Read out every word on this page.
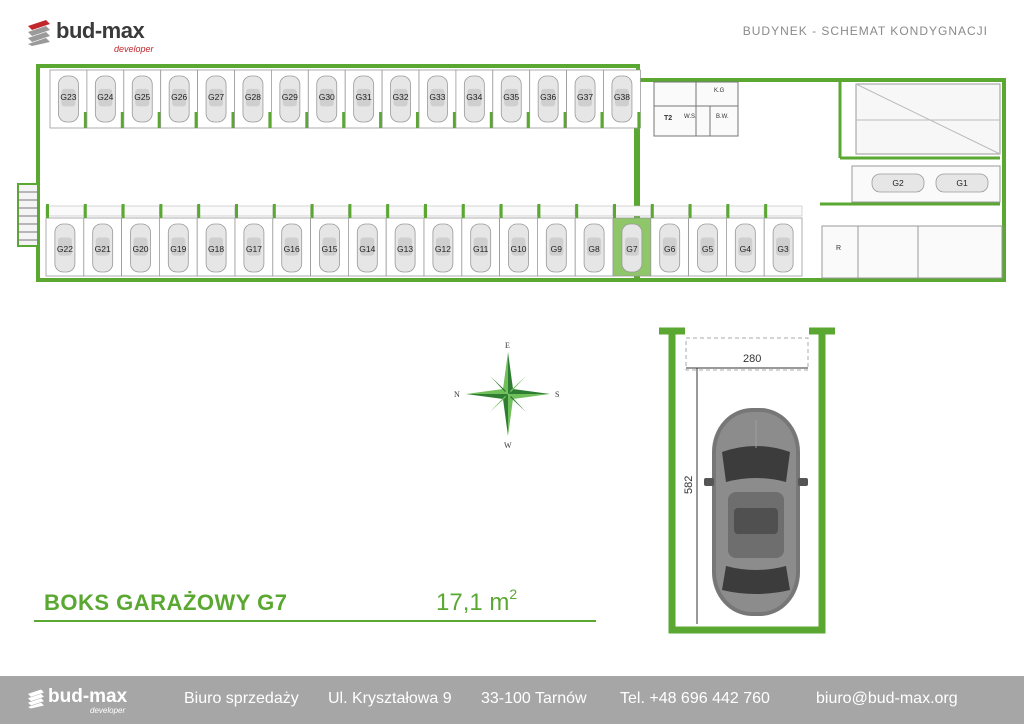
bud-max
developer
BUDYNEK - SCHEMAT KONDYGNACJI
G23 G24 G25 G26 G27 G28 G29 G30 G31 G32 G33 G34 G35 G36 G37 G38
G22	G21	G20	G19	G18	G17	G16	G15	G14	G13	G12	G11	G10	G9	G8	G7	G6	G5	G4	G3
G2	G1
T2
K.G
W.S.	B.W.
R
E
W
N	S
280
582
BOKS GARAŻOWY G7	17,1 $m^2$
bud-max
developer
Biuro sprzedaży Ul. Kryształowa 9 33-100 Tarnów Tel. +48 696 442 760	biuro@bud-max.org
